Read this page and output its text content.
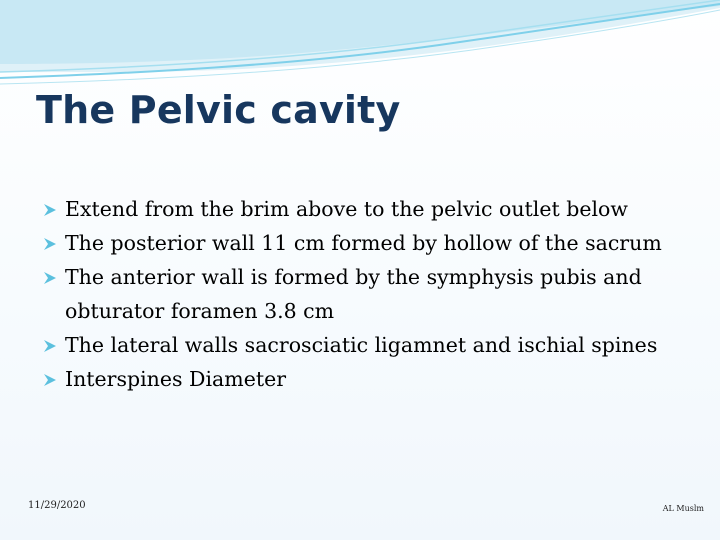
The Pelvic cavity
Extend from the brim above to the pelvic outlet below
The posterior wall 11 cm formed by hollow of the sacrum
The anterior wall is formed by the symphysis pubis and obturator foramen 3.8 cm
The lateral walls sacrosciatic ligamnet and ischial spines
Interspines Diameter
11/29/2020	AL Muslm
